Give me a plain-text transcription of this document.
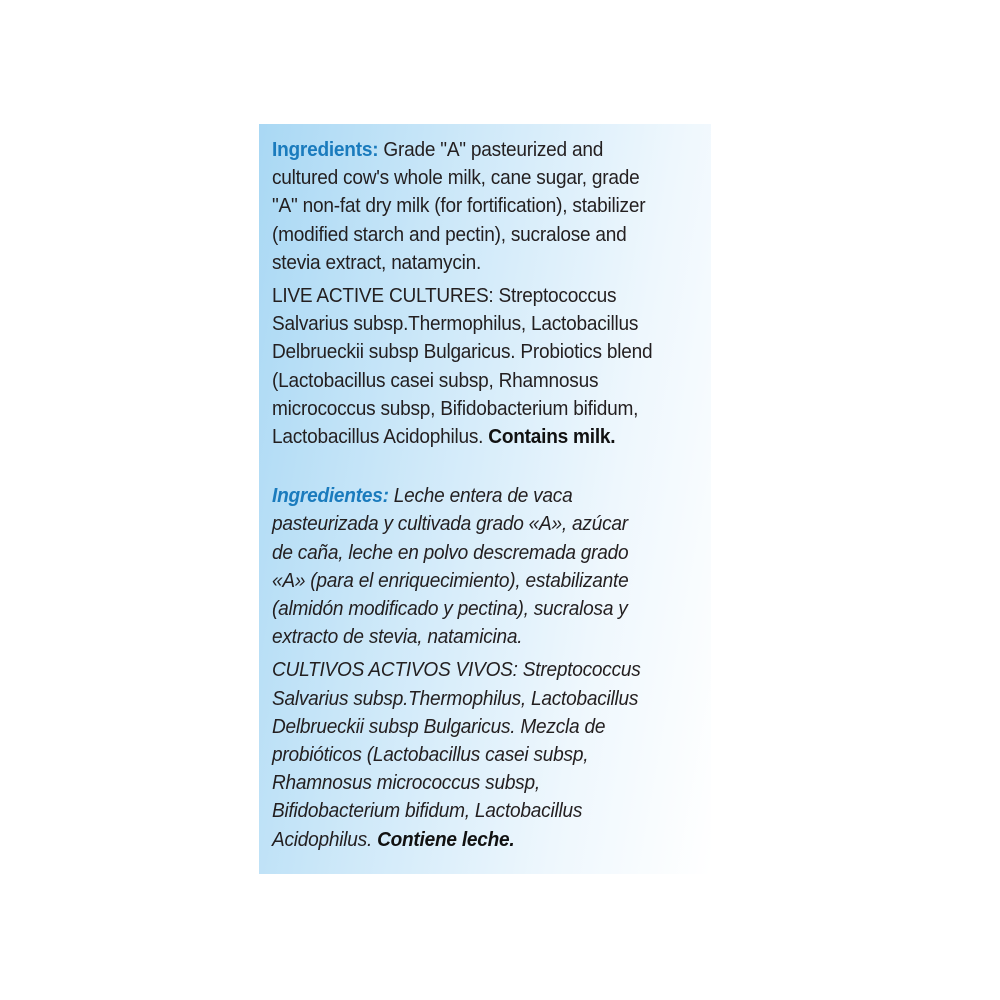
Ingredients: Grade "A" pasteurized and
cultured cow's whole milk, cane sugar, grade
"A" non-fat dry milk (for fortification), stabilizer
(modified starch and pectin), sucralose and
stevia extract, natamycin.
LIVE ACTIVE CULTURES: Streptococcus
Salvarius subsp.Thermophilus, Lactobacillus
Delbrueckii subsp Bulgaricus. Probiotics blend
(Lactobacillus casei subsp, Rhamnosus
micrococcus subsp, Bifidobacterium bifidum,
Lactobacillus Acidophilus. Contains milk.
Ingredientes: Leche entera de vaca
pasteurizada y cultivada grado «A», azúcar
de caña, leche en polvo descremada grado
«A» (para el enriquecimiento), estabilizante
(almidón modificado y pectina), sucralosa y
extracto de stevia, natamicina.
CULTIVOS ACTIVOS VIVOS: Streptococcus
Salvarius subsp.Thermophilus, Lactobacillus
Delbrueckii subsp Bulgaricus. Mezcla de
probióticos (Lactobacillus casei subsp,
Rhamnosus micrococcus subsp,
Bifidobacterium bifidum, Lactobacillus
Acidophilus. Contiene leche.
